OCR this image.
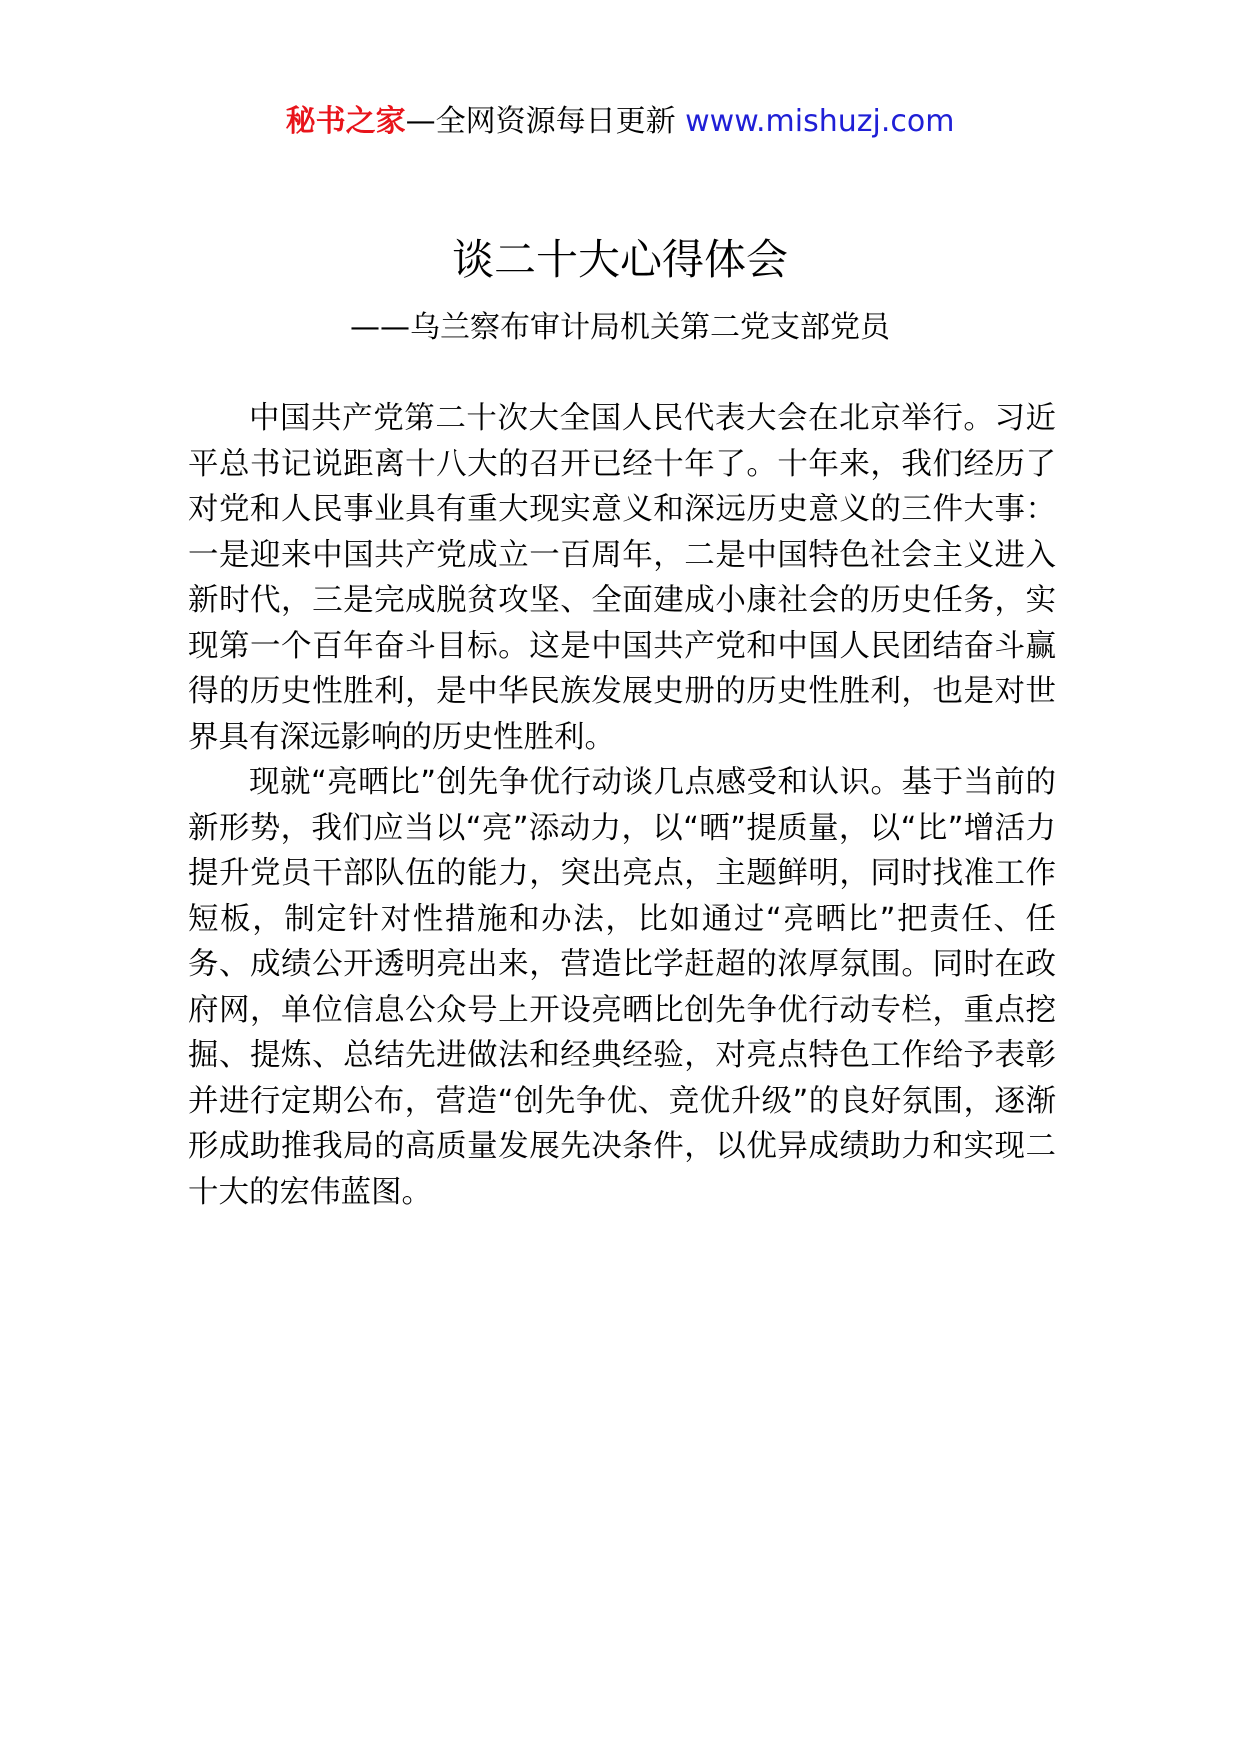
秘书之家—全网资源每日更新 www.mishuzj.com
谈二十大心得体会

——乌兰察布审计局机关第二党支部党员

中国共产党第二十次大全国人民代表大会在北京举行。习近平总书记说距离十八大的召开已经十年了。十年来，我们经历了对党和人民事业具有重大现实意义和深远历史意义的三件大事：一是迎来中国共产党成立一百周年，二是中国特色社会主义进入新时代，三是完成脱贫攻坚、全面建成小康社会的历史任务，实现第一个百年奋斗目标。这是中国共产党和中国人民团结奋斗赢得的历史性胜利，是中华民族发展史册的历史性胜利，也是对世界具有深远影响的历史性胜利。

现就“亮晒比”创先争优行动谈几点感受和认识。基于当前的新形势，我们应当以“亮”添动力，以“晒”提质量，以“比”增活力提升党员干部队伍的能力，突出亮点，主题鲜明，同时找准工作短板，制定针对性措施和办法，比如通过“亮晒比”把责任、任务、成绩公开透明亮出来，营造比学赶超的浓厚氛围。同时在政府网，单位信息公众号上开设亮晒比创先争优行动专栏，重点挖掘、提炼、总结先进做法和经典经验，对亮点特色工作给予表彰并进行定期公布，营造“创先争优、竞优升级”的良好氛围，逐渐形成助推我局的高质量发展先决条件，以优异成绩助力和实现二十大的宏伟蓝图。
